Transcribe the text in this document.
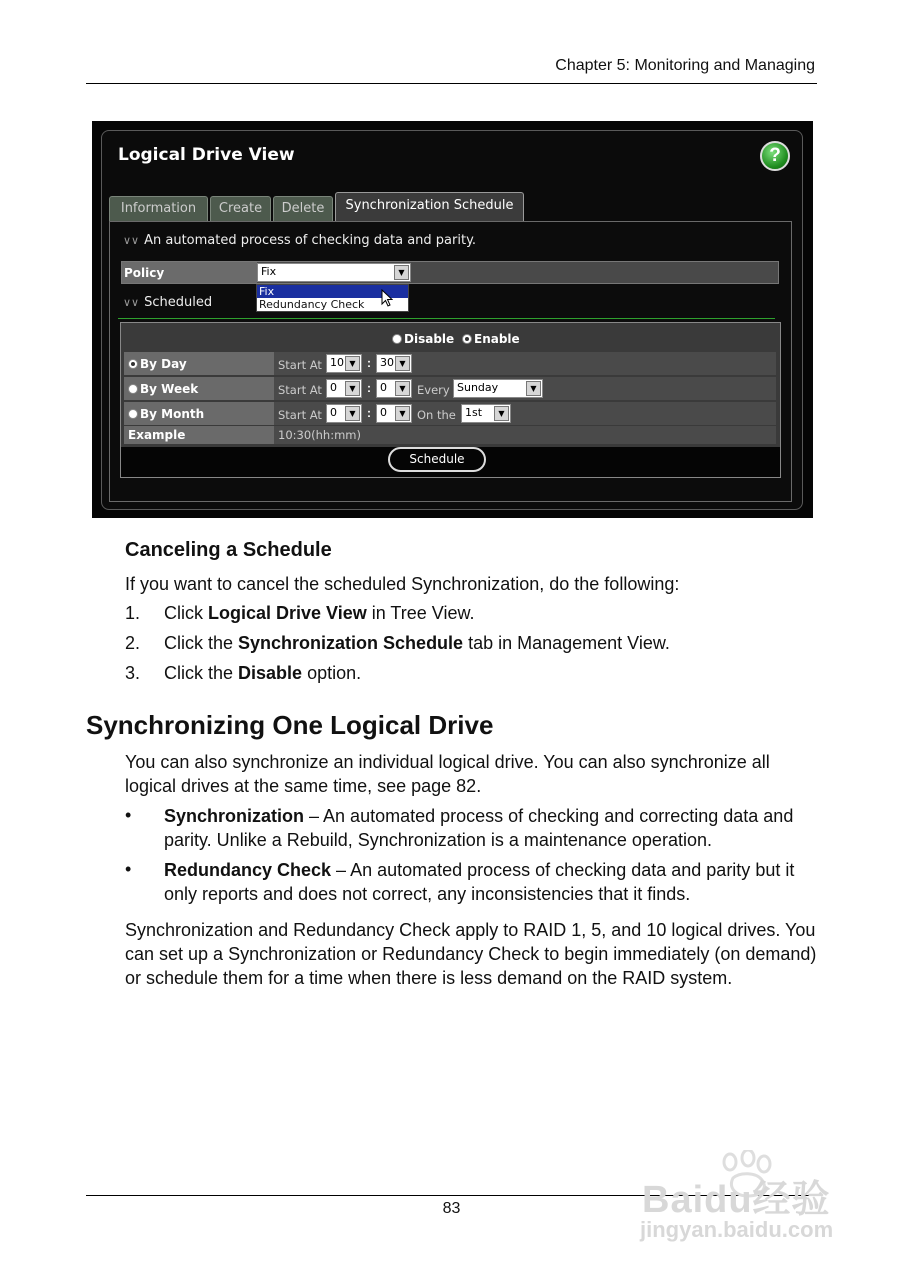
Chapter 5: Monitoring and Managing
Logical Drive View	?
Information	Create	Delete	Synchronization Schedule
∨∨ An automated process of checking data and parity.
Policy	Fix	▼
∨∨ Scheduled
Fix
Redundancy Check
Disable	Enable
By Day	Start At 10 ▼ : 30 ▼
By Week	Start At 0	▼ : 0	▼ Every Sunday	▼
By Month	Start At 0	▼ : 0	▼ On the 1st	▼
Example	10:30(hh:mm)
Schedule
Canceling a Schedule
If you want to cancel the scheduled Synchronization, do the following:
1. Click Logical Drive View in Tree View.
2. Click the Synchronization Schedule tab in Management View.
3. Click the Disable option.
Synchronizing One Logical Drive
You can also synchronize an individual logical drive. You can also synchronize all logical drives at the same time, see page 82.
• Synchronization – An automated process of checking and correcting data and parity. Unlike a Rebuild, Synchronization is a maintenance operation.
• Redundancy Check – An automated process of checking data and parity but it only reports and does not correct, any inconsistencies that it finds.
Synchronization and Redundancy Check apply to RAID 1, 5, and 10 logical drives. You can set up a Synchronization or Redundancy Check to begin immediately (on demand) or schedule them for a time when there is less demand on the RAID system.
83	Baidu经验
jingyan.baidu.com
